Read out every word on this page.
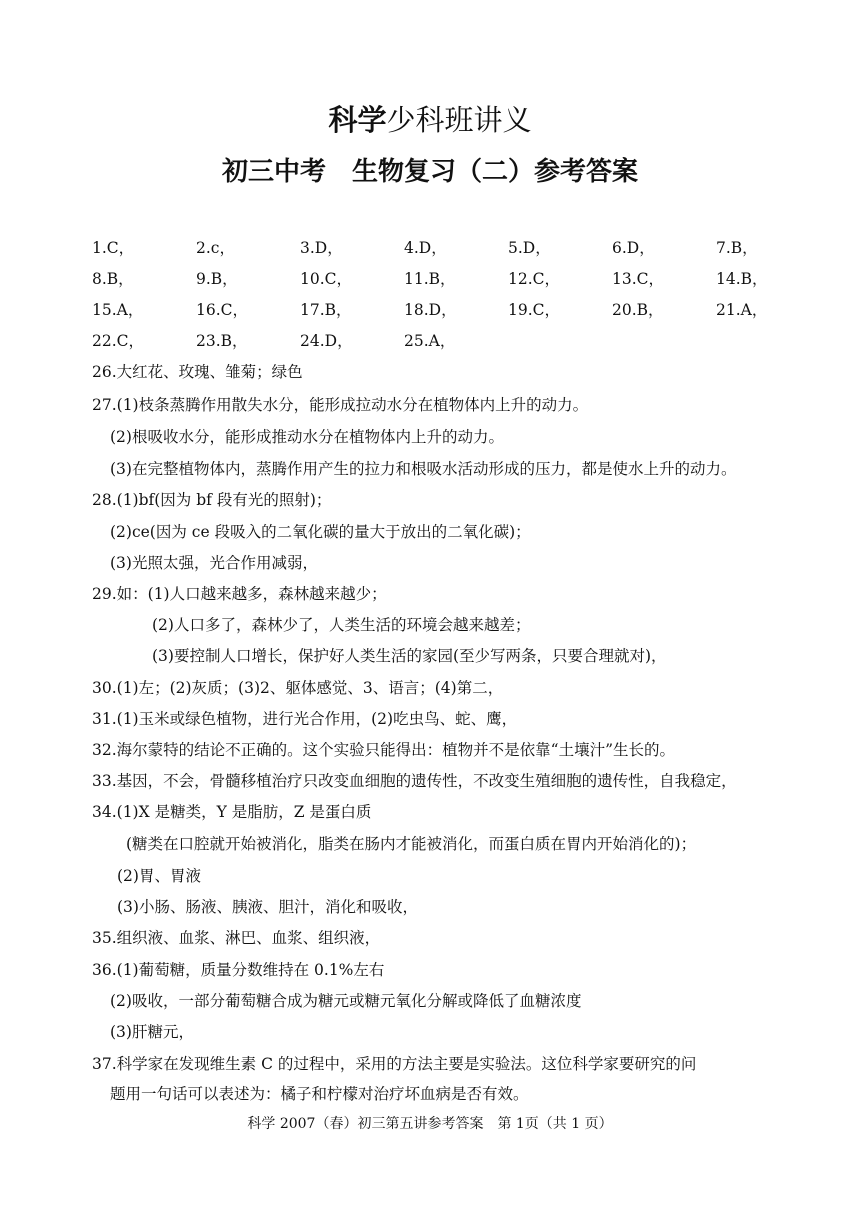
科学少科班讲义
初三中考　生物复习（二）参考答案
1.C，	2.c，	3.D，	4.D，	5.D，	6.D，	7.B，
8.B，	9.B，	10.C，	11.B，	12.C，	13.C，	14.B，
15.A，	16.C，	17.B，	18.D，	19.C，	20.B，	21.A，
22.C，	23.B，	24.D，	25.A，
26.大红花、玫瑰、雏菊；绿色
27.(1)枝条蒸腾作用散失水分，能形成拉动水分在植物体内上升的动力。
(2)根吸收水分，能形成推动水分在植物体内上升的动力。
(3)在完整植物体内，蒸腾作用产生的拉力和根吸水活动形成的压力，都是使水上升的动力。
28.(1)bf(因为 bf 段有光的照射)；
(2)ce(因为 ce 段吸入的二氧化碳的量大于放出的二氧化碳)；
(3)光照太强，光合作用减弱，
29.如：(1)人口越来越多，森林越来越少；
(2)人口多了，森林少了，人类生活的环境会越来越差；
(3)要控制人口增长，保护好人类生活的家园(至少写两条，只要合理就对)，
30.(1)左；(2)灰质；(3)2、躯体感觉、3、语言；(4)第二，
31.(1)玉米或绿色植物，进行光合作用，(2)吃虫鸟、蛇、鹰，
32.海尔蒙特的结论不正确的。这个实验只能得出：植物并不是依靠“土壤汁”生长的。
33.基因，不会，骨髓移植治疗只改变血细胞的遗传性，不改变生殖细胞的遗传性，自我稳定，
34.(1)X 是糖类，Y 是脂肪，Z 是蛋白质
(糖类在口腔就开始被消化，脂类在肠内才能被消化，而蛋白质在胃内开始消化的)；
(2)胃、胃液
(3)小肠、肠液、胰液、胆汁，消化和吸收，
35.组织液、血浆、淋巴、血浆、组织液，
36.(1)葡萄糖，质量分数维持在 0.1%左右
(2)吸收，一部分葡萄糖合成为糖元或糖元氧化分解或降低了血糖浓度
(3)肝糖元，
37.科学家在发现维生素 C 的过程中，采用的方法主要是实验法。这位科学家要研究的问
题用一句话可以表述为：橘子和柠檬对治疗坏血病是否有效。
科学 2007（春）初三第五讲参考答案　第 1页（共 1 页）
